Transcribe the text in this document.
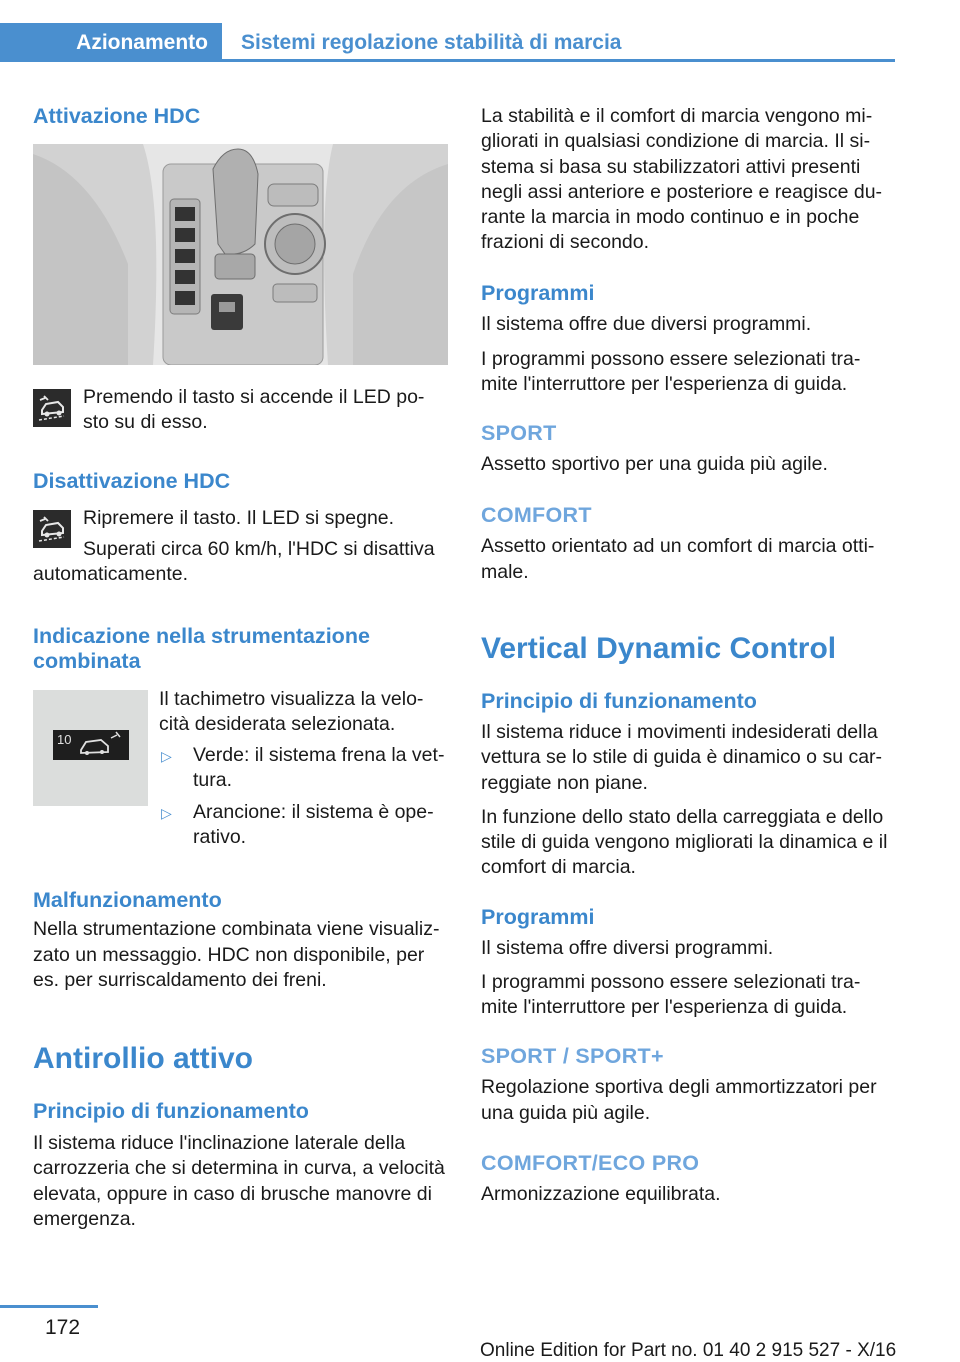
Azionamento Sistemi regolazione stabilità di marcia
Attivazione HDC

Premendo il tasto si accende il LED po-

sto su di esso.

Disattivazione HDC

Ripremere il tasto. Il LED si spegne.

Superati circa 60 km/h, l'HDC si disattiva

automaticamente.

Indicazione nella strumentazione
combinata
10

Il tachimetro visualizza la velo-

cità desiderata selezionata.

▷ Verde: il sistema frena la vet-

tura.

▷ Arancione: il sistema è ope-

rativo.

Malfunzionamento

Nella strumentazione combinata viene visualiz-

zato un messaggio. HDC non disponibile, per

es. per surriscaldamento dei freni.

Antirollio attivo
Principio di funzionamento

Il sistema riduce l'inclinazione laterale della

carrozzeria che si determina in curva, a velocità

elevata, oppure in caso di brusche manovre di

emergenza.

La stabilità e il comfort di marcia vengono mi-

gliorati in qualsiasi condizione di marcia. Il si-

stema si basa su stabilizzatori attivi presenti

negli assi anteriore e posteriore e reagisce du-

rante la marcia in modo continuo e in poche

frazioni di secondo.

Programmi

Il sistema offre due diversi programmi.

I programmi possono essere selezionati tra-

mite l'interruttore per l'esperienza di guida.

SPORT

Assetto sportivo per una guida più agile.

COMFORT

Assetto orientato ad un comfort di marcia otti-

male.

Vertical Dynamic Control
Principio di funzionamento

Il sistema riduce i movimenti indesiderati della

vettura se lo stile di guida è dinamico o su car-

reggiate non piane.

In funzione dello stato della carreggiata e dello

stile di guida vengono migliorati la dinamica e il

comfort di marcia.

Programmi

Il sistema offre diversi programmi.

I programmi possono essere selezionati tra-

mite l'interruttore per l'esperienza di guida.

SPORT / SPORT+

Regolazione sportiva degli ammortizzatori per

una guida più agile.

COMFORT/ECO PRO

Armonizzazione equilibrata.

172
Online Edition for Part no. 01 40 2 915 527 - X/16
